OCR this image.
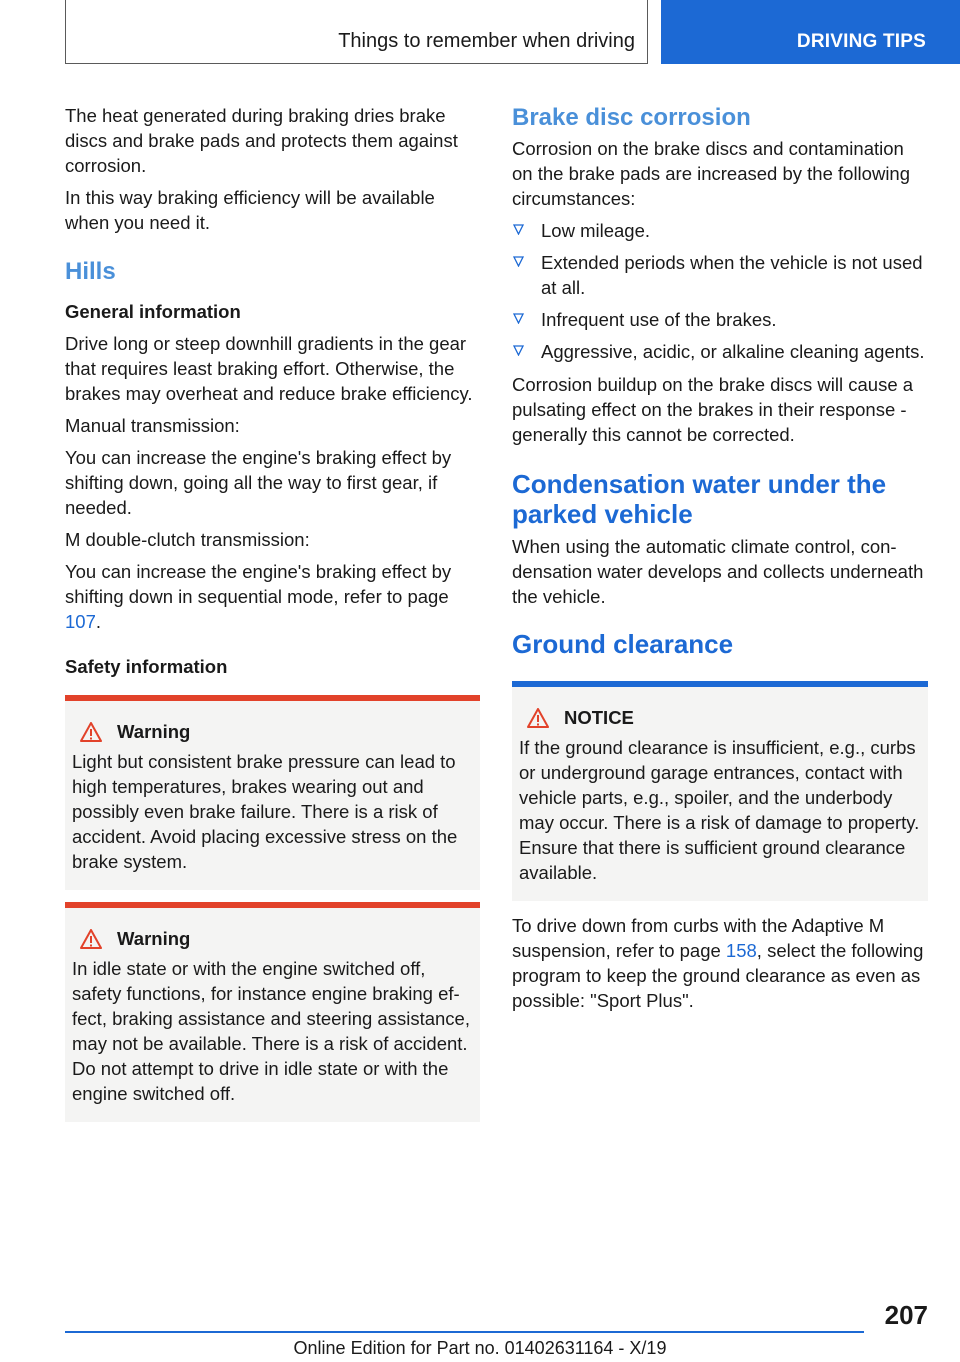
Things to remember when driving	DRIVING TIPS

The heat generated during braking dries brake discs and brake pads and protects them against corrosion.

In this way braking efficiency will be available when you need it.

Hills
General information

Drive long or steep downhill gradients in the gear that requires least braking effort. Otherwise, the brakes may overheat and reduce brake efficiency.

Manual transmission:

You can increase the engine's braking effect by shifting down, going all the way to first gear, if needed.

M double-clutch transmission:

You can increase the engine's braking effect by shifting down in sequential mode, refer to page 107.

Safety information
Warning

Light but consistent brake pressure can lead to high temperatures, brakes wearing out and possibly even brake failure. There is a risk of accident. Avoid placing excessive stress on the brake system.

Warning

In idle state or with the engine switched off, safety functions, for instance engine braking effect, braking assistance and steering assistance, may not be available. There is a risk of accident. Do not attempt to drive in idle state or with the engine switched off.

Brake disc corrosion

Corrosion on the brake discs and contamination on the brake pads are increased by the following circumstances:

Low mileage.
Extended periods when the vehicle is not used at all.
Infrequent use of the brakes.
Aggressive, acidic, or alkaline cleaning agents.

Corrosion buildup on the brake discs will cause a pulsating effect on the brakes in their response - generally this cannot be corrected.

Condensation water under the parked vehicle

When using the automatic climate control, condensation water develops and collects underneath the vehicle.

Ground clearance
NOTICE

If the ground clearance is insufficient, e.g., curbs or underground garage entrances, contact with vehicle parts, e.g., spoiler, and the underbody may occur. There is a risk of damage to property. Ensure that there is sufficient ground clearance available.

To drive down from curbs with the Adaptive M suspension, refer to page 158, select the following program to keep the ground clearance as even as possible: "Sport Plus".

207
Online Edition for Part no. 01402631164 - X/19
